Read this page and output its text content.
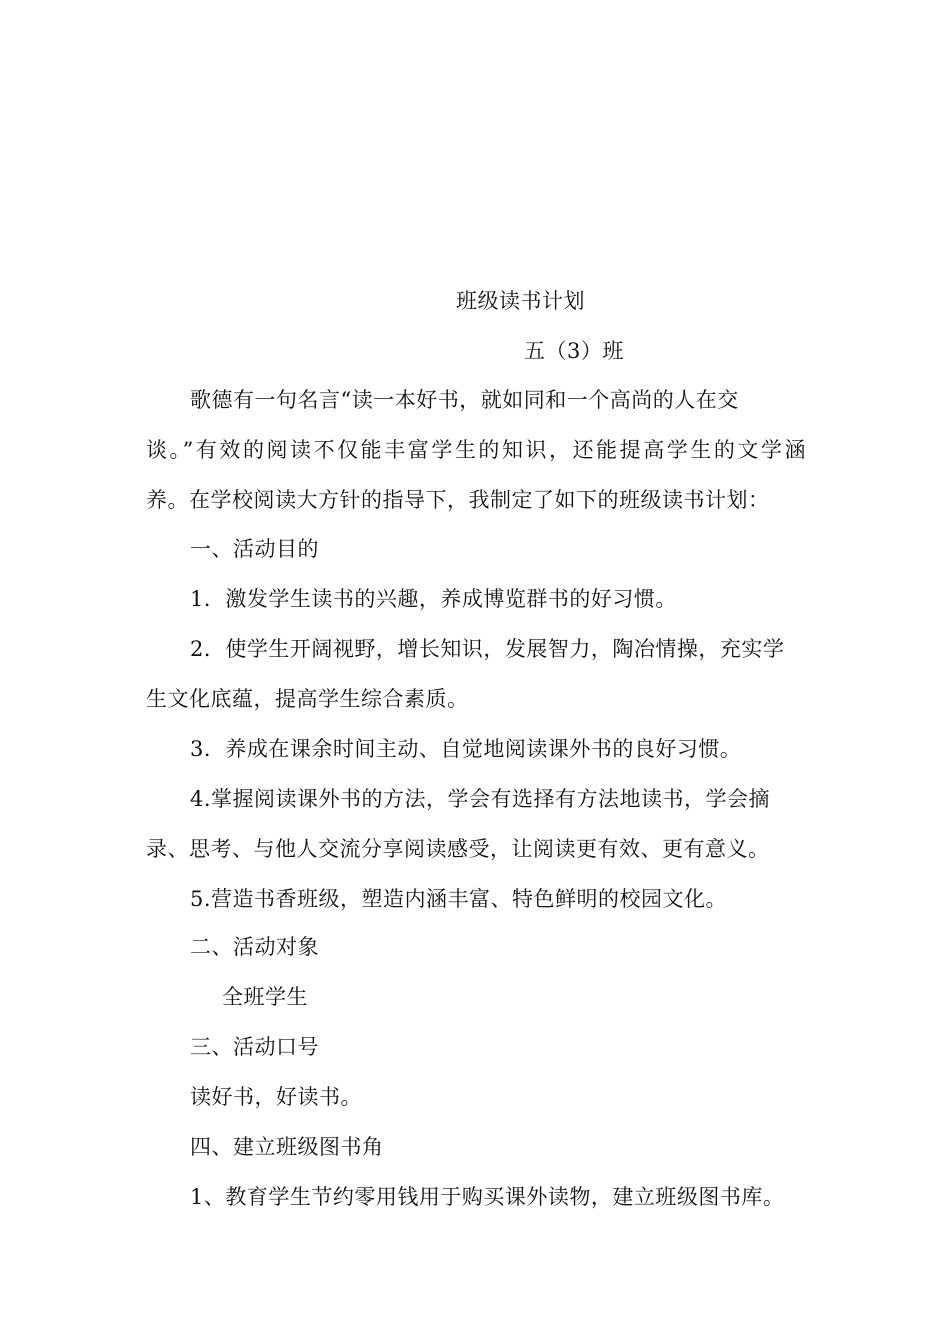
班级读书计划
五（3）班
歌德有一句名言“读一本好书，就如同和一个高尚的人在交
谈。”有效的阅读不仅能丰富学生的知识，还能提高学生的文学涵
养。在学校阅读大方针的指导下，我制定了如下的班级读书计划：
一、活动目的
1．激发学生读书的兴趣，养成博览群书的好习惯。
2．使学生开阔视野，增长知识，发展智力，陶冶情操，充实学
生文化底蕴，提高学生综合素质。
3．养成在课余时间主动、自觉地阅读课外书的良好习惯。
4.掌握阅读课外书的方法，学会有选择有方法地读书，学会摘
录、思考、与他人交流分享阅读感受，让阅读更有效、更有意义。
5.营造书香班级，塑造内涵丰富、特色鲜明的校园文化。
二、活动对象
全班学生
三、活动口号
读好书，好读书。
四、建立班级图书角
1、教育学生节约零用钱用于购买课外读物，建立班级图书库。
